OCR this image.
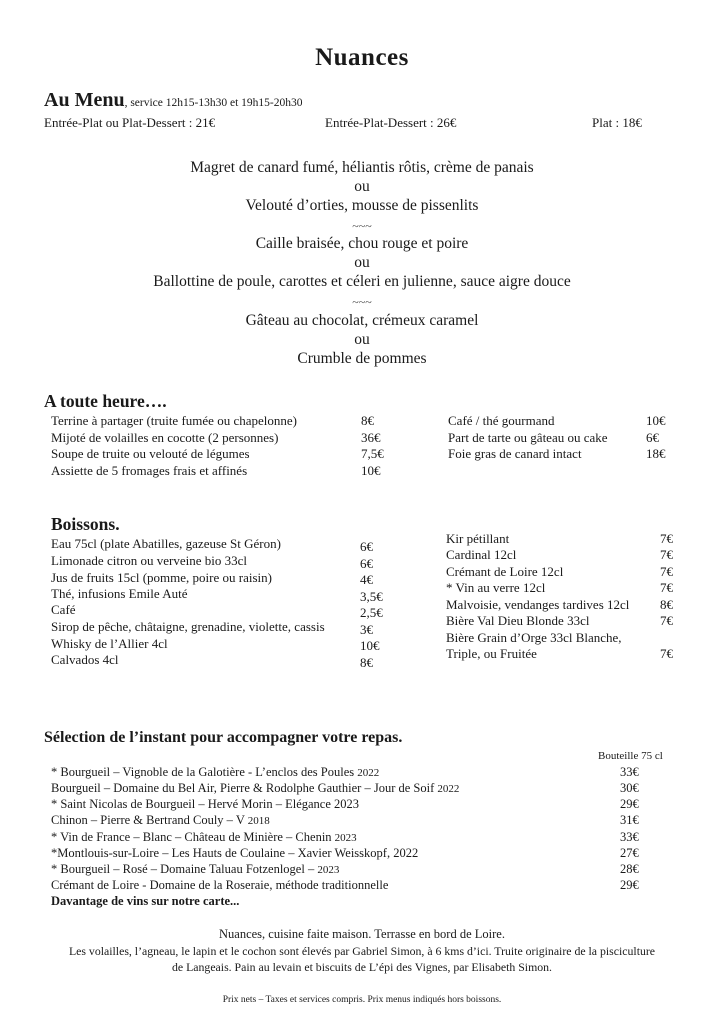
Nuances
Au Menu, service 12h15-13h30 et 19h15-20h30
Entrée-Plat ou Plat-Dessert : 21€	Entrée-Plat-Dessert : 26€	Plat : 18€
Magret de canard fumé, héliantis rôtis, crème de panais
ou
Velouté d’orties, mousse de pissenlits
~~~
Caille braisée, chou rouge et poire
ou
Ballottine de poule, carottes et céleri en julienne, sauce aigre douce
~~~
Gâteau au chocolat, crémeux caramel
ou
Crumble de pommes
A toute heure….
Terrine à partager (truite fumée ou chapelonne)	8€
Mijoté de volailles en cocotte (2 personnes)	36€
Soupe de truite ou velouté de légumes	7,5€
Assiette de 5 fromages frais et affinés	10€
Café / thé gourmand	10€
Part de tarte ou gâteau ou cake	6€
Foie gras de canard intact	18€
Boissons.
Eau 75cl (plate Abatilles, gazeuse St Géron)	6€
Limonade citron ou verveine bio 33cl	6€
Jus de fruits 15cl (pomme, poire ou raisin)	4€
Thé, infusions Emile Auté	3,5€
Café	2,5€
Sirop de pêche, châtaigne, grenadine, violette, cassis	3€
Whisky de l’Allier 4cl	10€
Calvados 4cl	8€
Kir pétillant	7€
Cardinal 12cl	7€
Crémant de Loire 12cl	7€
* Vin au verre 12cl	7€
Malvoisie, vendanges tardives 12cl 8€
Bière Val Dieu Blonde 33cl	7€
Bière Grain d’Orge 33cl Blanche,
Triple, ou Fruitée	7€
Sélection de l’instant pour accompagner votre repas.
Bouteille 75 cl
* Bourgueil – Vignoble de la Galotière - L’enclos des Poules 2022	33€
Bourgueil – Domaine du Bel Air, Pierre & Rodolphe Gauthier – Jour de Soif 2022	30€
* Saint Nicolas de Bourgueil – Hervé Morin – Elégance 2023	29€
Chinon – Pierre & Bertrand Couly – V 2018	31€
* Vin de France – Blanc – Château de Minière – Chenin 2023	33€
*Montlouis-sur-Loire – Les Hauts de Coulaine – Xavier Weisskopf, 2022	27€
* Bourgueil – Rosé – Domaine Taluau Fotzenlogel – 2023	28€
Crémant de Loire - Domaine de la Roseraie, méthode traditionnelle	29€
Davantage de vins sur notre carte...
Nuances, cuisine faite maison. Terrasse en bord de Loire.
Les volailles, l’agneau, le lapin et le cochon sont élevés par Gabriel Simon, à 6 kms d’ici. Truite originaire de la pisciculture
de Langeais. Pain au levain et biscuits de L’épi des Vignes, par Elisabeth Simon.
Prix nets – Taxes et services compris. Prix menus indiqués hors boissons.
